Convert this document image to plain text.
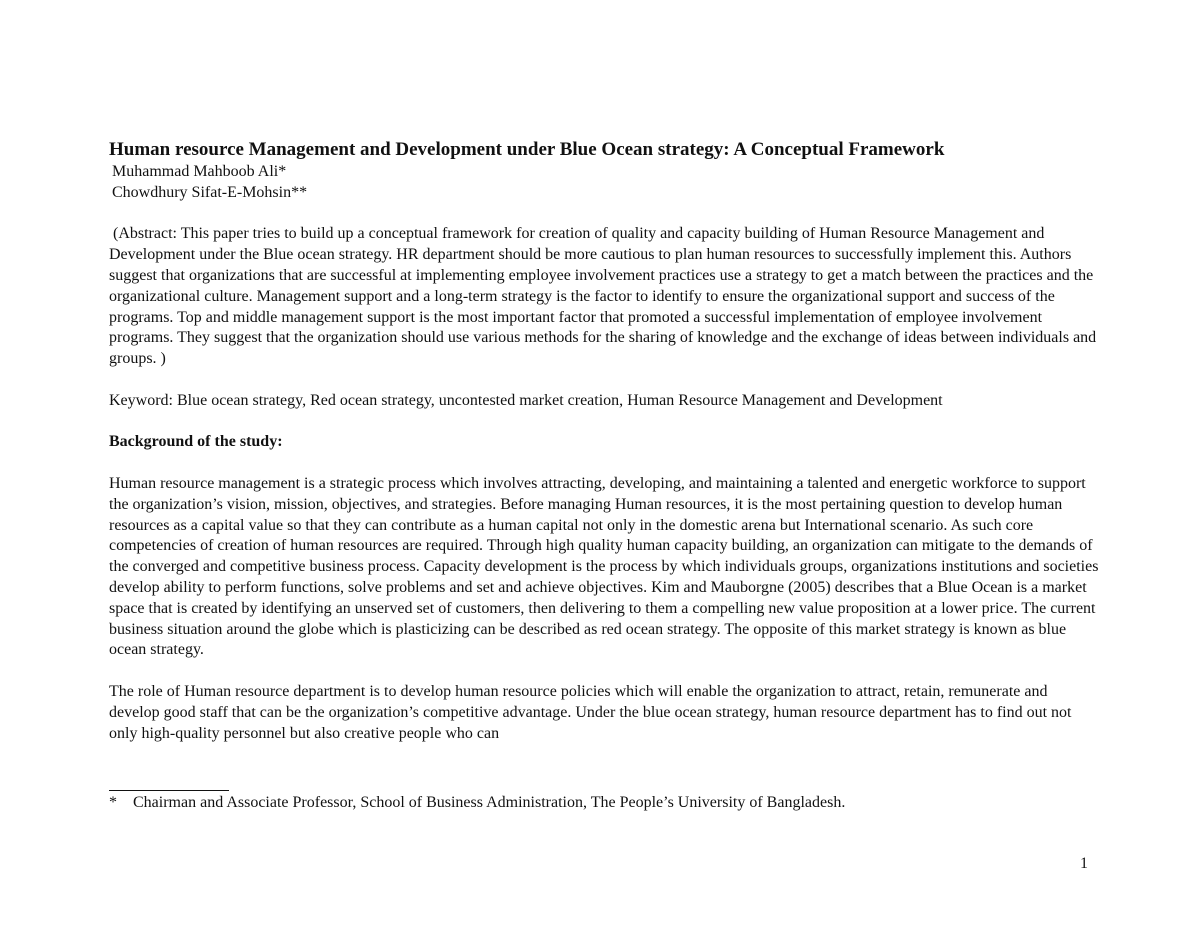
Human resource Management and Development under Blue Ocean strategy: A Conceptual Framework

Muhammad Mahboob Ali*

Chowdhury Sifat-E-Mohsin**

(Abstract: This paper tries to build up a conceptual framework for creation of quality and capacity building of Human Resource Management and Development under the Blue ocean strategy. HR department should be more cautious to plan human resources to successfully implement this. Authors suggest that organizations that are successful at implementing employee involvement practices use a strategy to get a match between the practices and the organizational culture. Management support and a long-term strategy is the factor to identify to ensure the organizational support and success of the programs. Top and middle management support is the most important factor that promoted a successful implementation of employee involvement programs. They suggest that the organization should use various methods for the sharing of knowledge and the exchange of ideas between individuals and groups. )

Keyword: Blue ocean strategy, Red ocean strategy, uncontested market creation, Human Resource Management and Development

Background of the study:

Human resource management is a strategic process which involves attracting, developing, and maintaining a talented and energetic workforce to support the organization’s vision, mission, objectives, and strategies. Before managing Human resources, it is the most pertaining question to develop human resources as a capital value so that they can contribute as a human capital not only in the domestic arena but International scenario. As such core competencies of creation of human resources are required. Through high quality human capacity building, an organization can mitigate to the demands of the converged and competitive business process. Capacity development is the process by which individuals groups, organizations institutions and societies develop ability to perform functions, solve problems and set and achieve objectives. Kim and Mauborgne (2005) describes that a Blue Ocean is a market space that is created by identifying an unserved set of customers, then delivering to them a compelling new value proposition at a lower price. The current business situation around the globe which is plasticizing can be described as red ocean strategy. The opposite of this market strategy is known as blue ocean strategy.

The role of Human resource department is to develop human resource policies which will enable the organization to attract, retain, remunerate and develop good staff that can be the organization’s competitive advantage. Under the blue ocean strategy, human resource department has to find out not only high-quality personnel but also creative people who can

* Chairman and Associate Professor, School of Business Administration, The People’s University of Bangladesh.
1
